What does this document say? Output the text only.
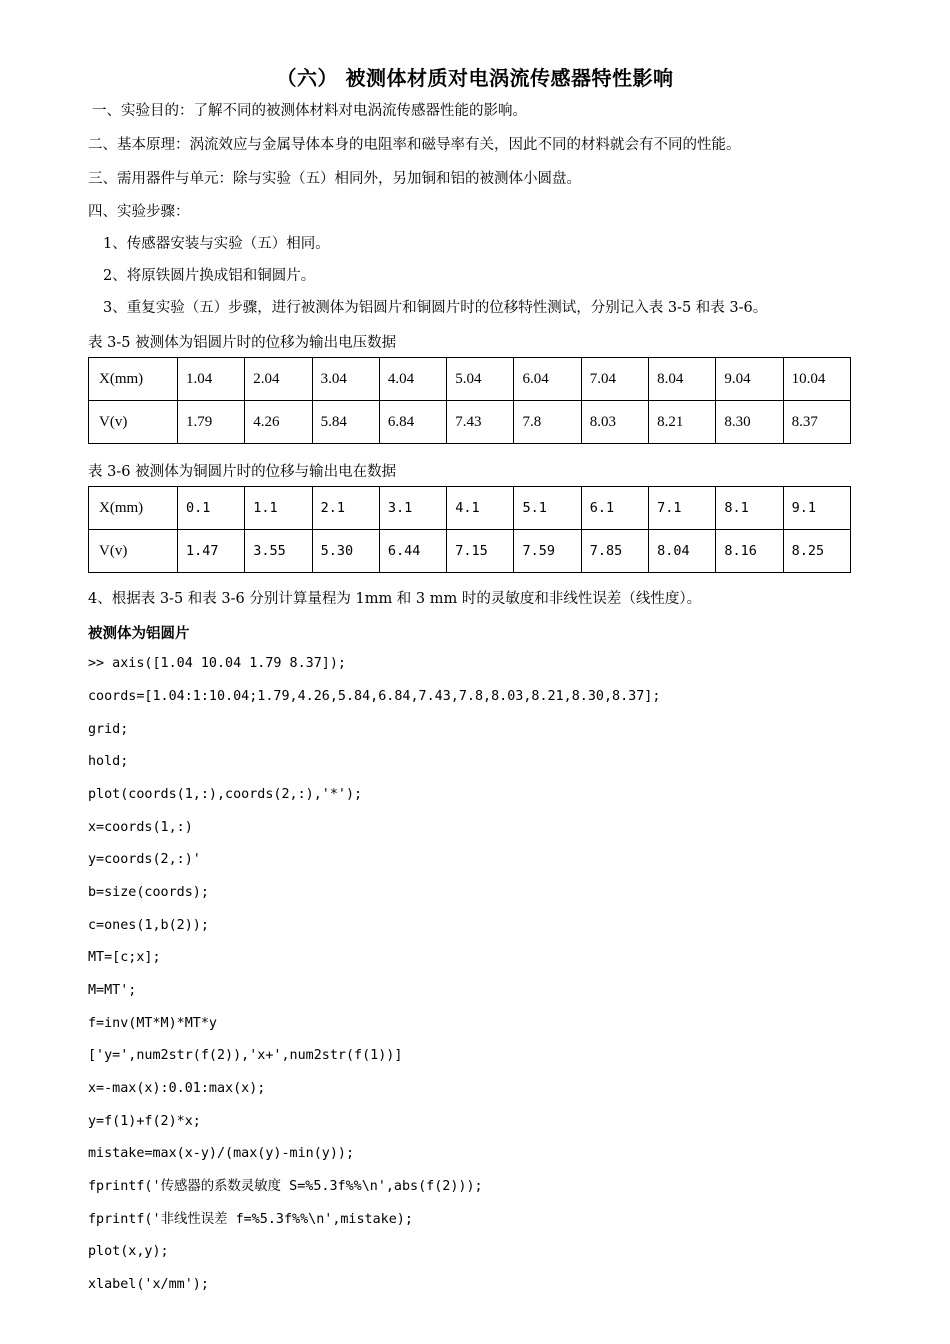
（六） 被测体材质对电涡流传感器特性影响
一、实验目的：了解不同的被测体材料对电涡流传感器性能的影响。
二、基本原理：涡流效应与金属导体本身的电阻率和磁导率有关，因此不同的材料就会有不同的性能。
三、需用器件与单元：除与实验（五）相同外，另加铜和铝的被测体小圆盘。
四、实验步骤：
1、传感器安装与实验（五）相同。
2、将原铁圆片换成铝和铜圆片。
3、重复实验（五）步骤，进行被测体为铝圆片和铜圆片时的位移特性测试，分别记入表 3-5 和表 3-6。
表 3-5 被测体为铝圆片时的位移为输出电压数据
X(mm)	1.04	2.04	3.04	4.04	5.04	6.04	7.04	8.04	9.04	10.04
V(v)	1.79	4.26	5.84	6.84	7.43	7.8	8.03	8.21	8.30	8.37
表 3-6 被测体为铜圆片时的位移与输出电在数据
X(mm)	0.1	1.1	2.1	3.1	4.1	5.1	6.1	7.1	8.1	9.1
V(v)	1.47	3.55	5.30	6.44	7.15	7.59	7.85	8.04	8.16	8.25
4、根据表 3-5 和表 3-6 分别计算量程为 1mm 和 3 mm 时的灵敏度和非线性误差（线性度）。
被测体为铝圆片
>> axis([1.04 10.04 1.79 8.37]);
coords=[1.04:1:10.04;1.79,4.26,5.84,6.84,7.43,7.8,8.03,8.21,8.30,8.37];
grid;
hold;
plot(coords(1,:),coords(2,:),'*');
x=coords(1,:)
y=coords(2,:)'
b=size(coords);
c=ones(1,b(2));
MT=[c;x];
M=MT';
f=inv(MT*M)*MT*y
['y=',num2str(f(2)),'x+',num2str(f(1))]
x=-max(x):0.01:max(x);
y=f(1)+f(2)*x;
mistake=max(x-y)/(max(y)-min(y));
fprintf('传感器的系数灵敏度 S=%5.3f%%\n',abs(f(2)));
fprintf('非线性误差 f=%5.3f%%\n',mistake);
plot(x,y);
xlabel('x/mm');
